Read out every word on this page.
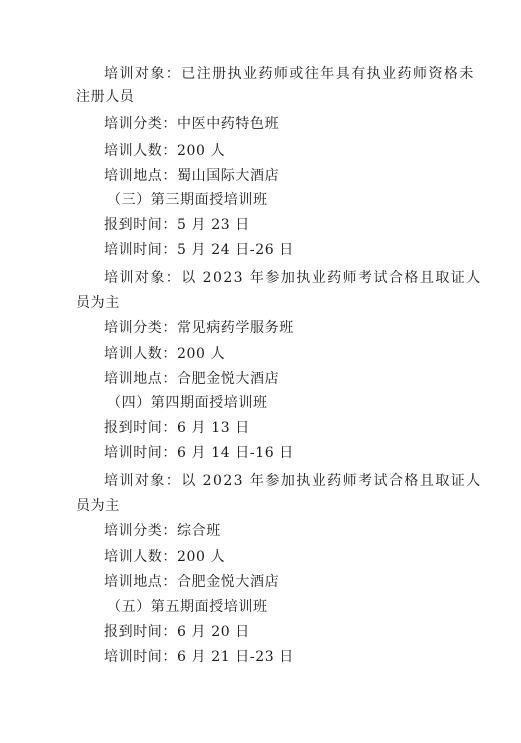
培训对象：已注册执业药师或往年具有执业药师资格未
注册人员
培训分类：中医中药特色班
培训人数：200 人
培训地点：蜀山国际大酒店
（三）第三期面授培训班
报到时间：5 月 23 日
培训时间：5 月 24 日-26 日
培训对象：以 2023 年参加执业药师考试合格且取证人
员为主
培训分类：常见病药学服务班
培训人数：200 人
培训地点：合肥金悦大酒店
（四）第四期面授培训班
报到时间：6 月 13 日
培训时间：6 月 14 日-16 日
培训对象：以 2023 年参加执业药师考试合格且取证人
员为主
培训分类：综合班
培训人数：200 人
培训地点：合肥金悦大酒店
（五）第五期面授培训班
报到时间：6 月 20 日
培训时间：6 月 21 日-23 日
